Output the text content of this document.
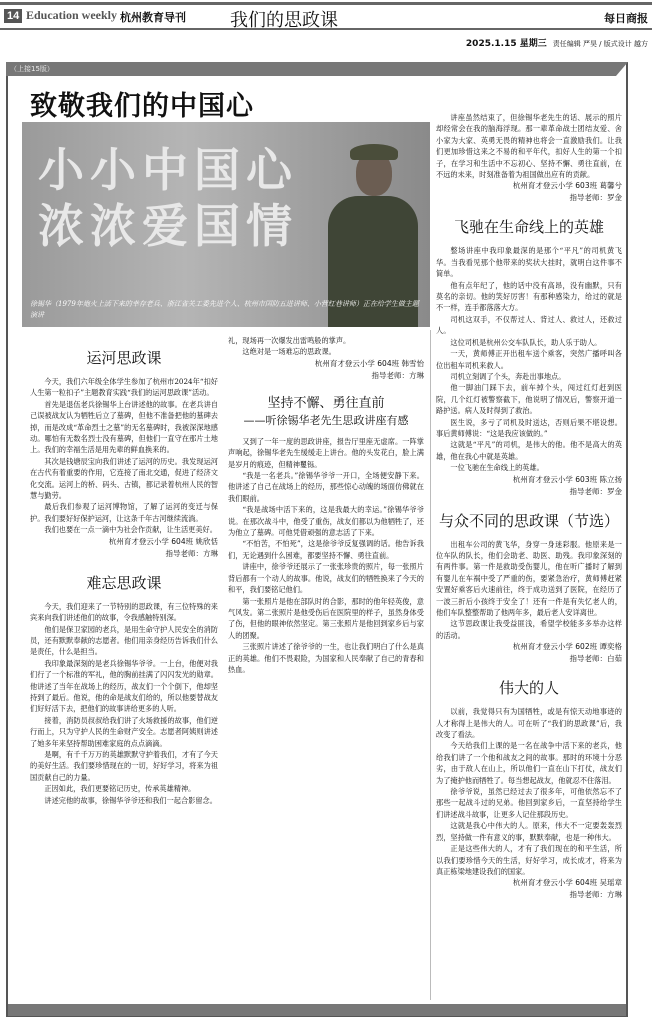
14 Education weekly 杭州教育导刊 我们的思政课	每日商报
2025.1.15 星期三 责任编辑 严昊 / 版式设计 越方
（上接15版）
致敬我们的中国心
小小中国心 浓浓爱国情
徐锡华（1979年炮火上活下来的幸存老兵、浙江省关工委先进个人、杭州市国防五进讲师、小营红巷讲师）正在给学生做主题演讲
运河思政课

今天，我们六年级全体学生参加了杭州市2024年“扣好人生第一粒扣子”主题教育实践“我们的运河思政课”活动。

首先是退伍老兵徐锡华上台讲述他的故事。在老兵讲自己误被战友认为牺牲后立了墓碑，但他不准备把他的墓碑去掉，而是改成“革命烈士之墓”的无名墓碑时，我被深深地感动。哪怕有无数名烈士没有墓碑，但他们一直守在那片土地上。我们的幸福生活是用先辈的鲜血换来的。

其次是钱塘辰宝向我们讲述了运河的历史。我发现运河在古代有着重要的作用，它连接了南北交通，促进了经济文化交流。运河上的桥、码头、古镇，都记录着杭州人民的智慧与勤劳。

最后我们参观了运河博物馆，了解了运河的变迁与保护。我们要好好保护运河，让这条千年古河继续流淌。

我们也要在一点一滴中为社会作贡献，让生活更美好。

杭州育才登云小学 604班 姚欣恬
指导老师：方琳
难忘思政课

今天，我们迎来了一节特别的思政课，有三位特殊的来宾来向我们讲述他们的故事，令我感触特别深。

他们是保卫家园的老兵，是用生命守护人民安全的消防员，还有默默奉献的志愿者。他们用亲身经历告诉我们什么是责任，什么是担当。

我印象最深刻的是老兵徐锡华爷爷。一上台，他便对我们行了一个标准的军礼，他的胸前挂满了闪闪发光的勋章。他讲述了当年在战场上的经历，战友们一个个倒下，他却坚持到了最后。他说，他的命是战友们给的，所以他要替战友们好好活下去，把他们的故事讲给更多的人听。

接着，消防员叔叔给我们讲了火场救援的故事，他们逆行而上，只为守护人民的生命财产安全。志愿者阿姨则讲述了她多年来坚持帮助困难家庭的点点滴滴。

是啊，有千千万万的英雄默默守护着我们，才有了今天的美好生活。我们要珍惜现在的一切，好好学习，将来为祖国贡献自己的力量。

正因如此，我们更要铭记历史，传承英雄精神。

讲述完他的故事，徐锡华爷爷还和我们一起合影留念。

礼，现场再一次爆发出雷鸣般的掌声。

这绝对是一场难忘的思政课。

杭州育才登云小学 604班 韩雪怡
指导老师：方琳
坚持不懈、勇往直前
——听徐锡华老先生思政讲座有感

又到了一年一度的思政讲座，报告厅里座无虚席。一阵掌声响起，徐锡华老先生缓缓走上讲台。他的头发花白，脸上满是岁月的痕迹，但精神矍铄。

“我是一名老兵。”徐锡华爷爷一开口，全场便安静下来。他讲述了自己在战场上的经历，那些惊心动魄的场面仿佛就在我们眼前。

“我是战场中活下来的，这是我最大的幸运。”徐锡华爷爷说。在那次战斗中，他受了重伤，战友们都以为他牺牲了，还为他立了墓碑。可他凭借顽强的意志活了下来。

“不怕苦，不怕死”，这是徐爷爷反复强调的话。他告诉我们，无论遇到什么困难，都要坚持不懈、勇往直前。

讲座中，徐爷爷还展示了一张张珍贵的照片，每一张照片背后都有一个动人的故事。他说，战友们的牺牲换来了今天的和平，我们要铭记他们。

第一张照片是他在部队时的合影，那时的他年轻英俊，意气风发。第二张照片是他受伤后在医院里的样子，虽然身体受了伤，但他的眼神依然坚定。第三张照片是他回到家乡后与家人的团聚。

三张照片讲述了徐爷爷的一生，也让我们明白了什么是真正的英雄。他们不畏艰险，为国家和人民奉献了自己的青春和热血。

讲座虽然结束了，但徐锡华老先生的话、展示的照片却经常会在我的脑海浮现。那一辈革命战士团结友爱、舍小家为大家、英勇无畏的精神也将会一直激励我们。让我们更加珍惜这来之不易的和平年代，扣好人生的第一个扣子，在学习和生活中不忘初心、坚持不懈、勇往直前，在不远的未来，时刻准备着为祖国做出应有的贡献。

杭州育才登云小学 603班 葛馨兮
指导老师：罗金
飞驰在生命线上的英雄

整场讲座中我印象最深的是那个“平凡”的司机黄飞华。当我看见那个他带来的奖状大挂时，就明白这件事不简单。

他有点年纪了，他的话中没有高昂，没有幽默，只有莫名的亲切。他的笑好厉害！有那种感染力，给过的就是不一样，连手都落落大方。

司机这双手，不仅帮过人、背过人、救过人，还救过人。

这位司机是杭州公交车队队长，助人乐于助人。

一天，黄师傅正开出租车送个乘客，突然广播呼叫各位出租车司机来救人。

司机立刻调了个头，奔赴出事地点。

他一脚油门踩下去，前车掉个头，闯过红灯赶到医院，几个红灯被警察截下，他说明了情况后，警察开道一路护送。病人及时得到了救治。

医生说，多亏了司机及时送达，否则后果不堪设想。事后黄师傅说：“这是我应该做的。”

这就是“平凡”的司机，是伟大的他。他不是高大的英雄，他在我心中就是英雄。

一位飞驰在生命线上的英雄。

杭州育才登云小学 603班 陈立扬
指导老师：罗金
与众不同的思政课（节选）

出租车公司的黄飞华，身穿一身迷彩服。他原来是一位车队的队长，他们会助老、助医、助残。我印象深刻的有两件事。第一件是救助受伤婴儿，他在听广播时了解到有婴儿在车祸中受了严重的伤，要紧急治疗，黄师傅赶紧安置好乘客后火速前往，终于成功送到了医院，在经历了一波三折后小孩终于安全了！还有一件是有失忆老人的，他们车队整整帮助了他两年多，最后老人安详离世。

这节思政课让我受益匪浅，希望学校能多多举办这样的活动。

杭州育才登云小学 602班 谭奕格
指导老师：白茹
伟大的人

以前，我觉得只有为国牺牲，或是有惊天动地事迹的人才称得上是伟大的人。可在听了“我们的思政课”后，我改变了看法。

今天给我们上课的是一名在战争中活下来的老兵，他给我们讲了一个他和战友之间的故事。那时的环境十分恶劣，由于敌人在山上，所以他们一直在山下打仗，战友们为了掩护他而牺牲了。每当想起战友，他就忍不住落泪。

徐爷爷说，虽然已经过去了很多年，可他依然忘不了那些一起战斗过的兄弟。他回到家乡后，一直坚持给学生们讲述战斗故事，让更多人记住那段历史。

这就是我心中伟大的人。原来，伟大不一定要轰轰烈烈，坚持做一件有意义的事，默默奉献，也是一种伟大。

正是这些伟大的人，才有了我们现在的和平生活，所以我们要珍惜今天的生活，好好学习，成长成才，将来为真正栋梁地建设我们的国家。

杭州育才登云小学 604班 吴瑶章
指导老师：方琳
